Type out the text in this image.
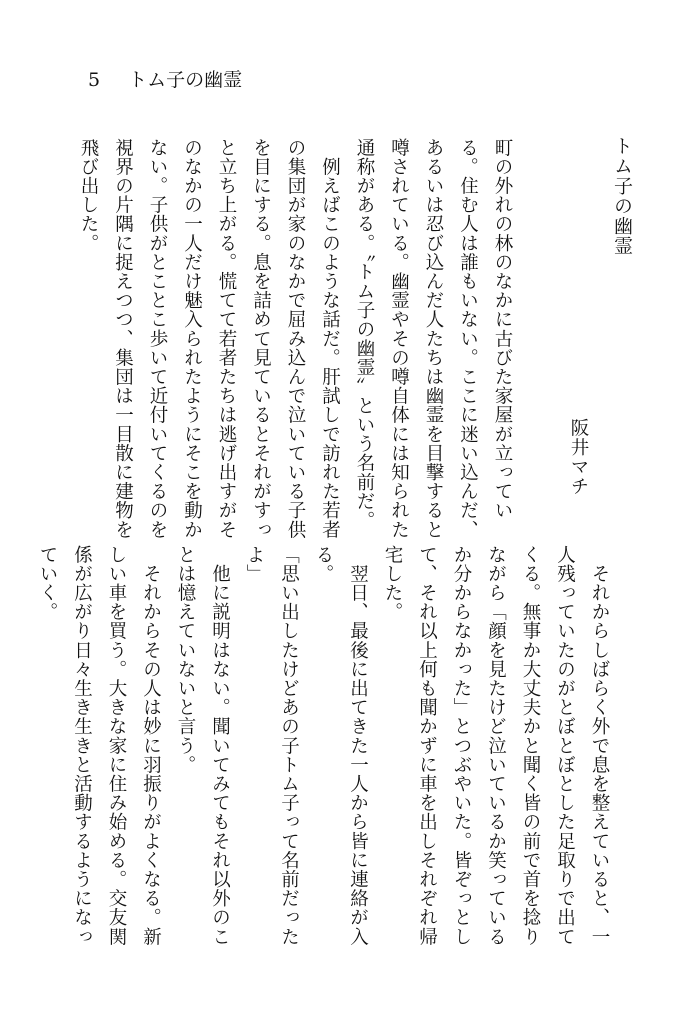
5 トム子の幽霊
トム子の幽霊
阪井マチ

町の外れの林のなかに古びた家屋が立ってい

る。住む人は誰もいない。ここに迷い込んだ、

あるいは忍び込んだ人たちは幽霊を目撃すると

噂されている。幽霊やその噂自体には知られた

通称がある。〝トム子の幽霊〟という名前だ。

　例えばこのような話だ。肝試しで訪れた若者

の集団が家のなかで屈み込んで泣いている子供

を目にする。息を詰めて見ているとそれがすっ

と立ち上がる。慌てて若者たちは逃げ出すがそ

のなかの一人だけ魅入られたようにそこを動か

ない。子供がとことこ歩いて近付いてくるのを

視界の片隅に捉えつつ、集団は一目散に建物を

飛び出した。

　それからしばらく外で息を整えていると、一

人残っていたのがとぼとぼとした足取りで出て

くる。無事か大丈夫かと聞く皆の前で首を捻り

ながら「顔を見たけど泣いているか笑っている

か分からなかった」とつぶやいた。皆ぞっとし

て、それ以上何も聞かずに車を出しそれぞれ帰

宅した。

　翌日、最後に出てきた一人から皆に連絡が入

る。

「思い出したけどあの子トム子って名前だった

よ」

　他に説明はない。聞いてみてもそれ以外のこ

とは憶えていないと言う。

　それからその人は妙に羽振りがよくなる。新

しい車を買う。大きな家に住み始める。交友関

係が広がり日々生き生きと活動するようになっ

ていく。
